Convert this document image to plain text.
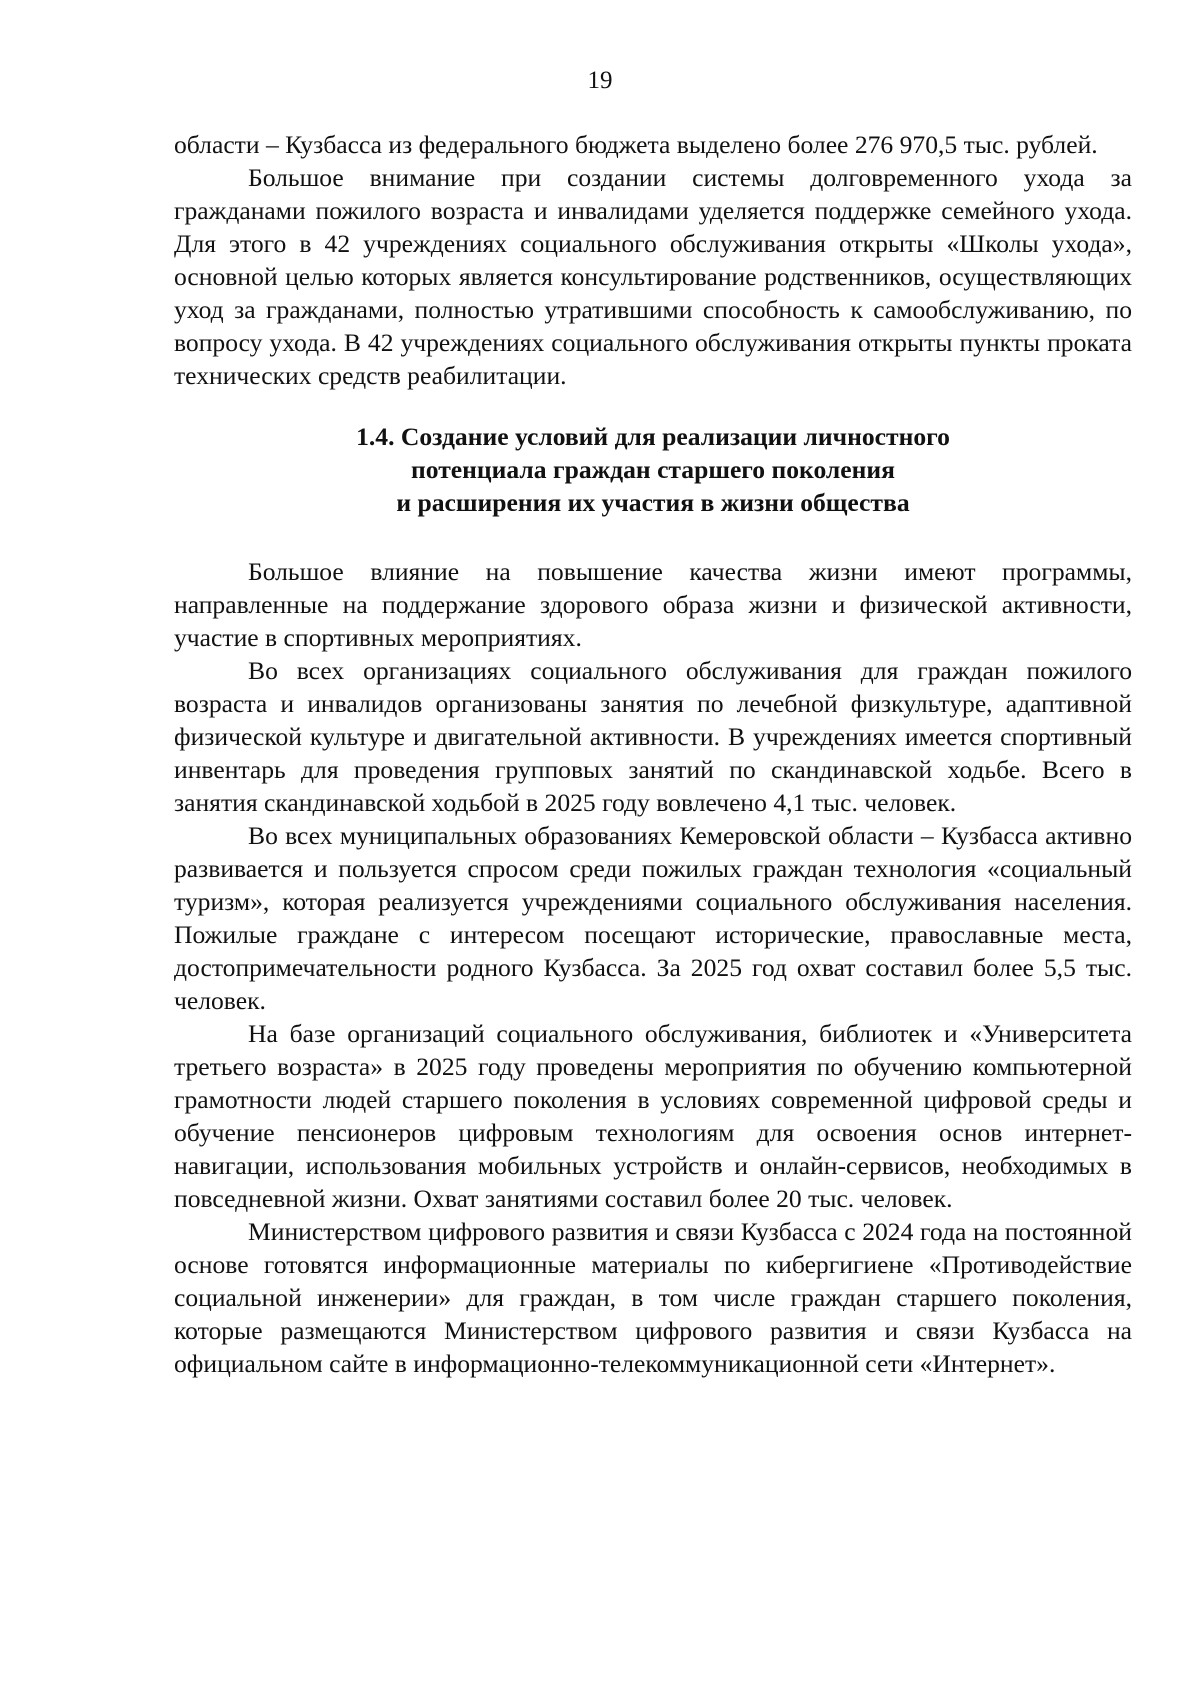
19

области – Кузбасса из федерального бюджета выделено более 276 970,5 тыс. рублей.

Большое внимание при создании системы долговременного ухода за гражданами пожилого возраста и инвалидами уделяется поддержке семейного ухода. Для этого в 42 учреждениях социального обслуживания открыты «Школы ухода», основной целью которых является консультирование родственников, осуществляющих уход за гражданами, полностью утратившими способность к самообслуживанию, по вопросу ухода. В 42 учреждениях социального обслуживания открыты пункты проката технических средств реабилитации.

1.4. Создание условий для реализации личностного
потенциала граждан старшего поколения
и расширения их участия в жизни общества

Большое влияние на повышение качества жизни имеют программы, направленные на поддержание здорового образа жизни и физической активности, участие в спортивных мероприятиях.

Во всех организациях социального обслуживания для граждан пожилого возраста и инвалидов организованы занятия по лечебной физкультуре, адаптивной физической культуре и двигательной активности. В учреждениях имеется спортивный инвентарь для проведения групповых занятий по скандинавской ходьбе. Всего в занятия скандинавской ходьбой в 2025 году вовлечено 4,1 тыс. человек.

Во всех муниципальных образованиях Кемеровской области – Кузбасса активно развивается и пользуется спросом среди пожилых граждан технология «социальный туризм», которая реализуется учреждениями социального обслуживания населения. Пожилые граждане с интересом посещают исторические, православные места, достопримечательности родного Кузбасса. За 2025 год охват составил более 5,5 тыс. человек.

На базе организаций социального обслуживания, библиотек и «Университета третьего возраста» в 2025 году проведены мероприятия по обучению компьютерной грамотности людей старшего поколения в условиях современной цифровой среды и обучение пенсионеров цифровым технологиям для освоения основ интернет-навигации, использования мобильных устройств и онлайн-сервисов, необходимых в повседневной жизни. Охват занятиями составил более 20 тыс. человек.

Министерством цифрового развития и связи Кузбасса с 2024 года на постоянной основе готовятся информационные материалы по кибергигиене «Противодействие социальной инженерии» для граждан, в том числе граждан старшего поколения, которые размещаются Министерством цифрового развития и связи Кузбасса на официальном сайте в информационно-телекоммуникационной сети «Интернет».
